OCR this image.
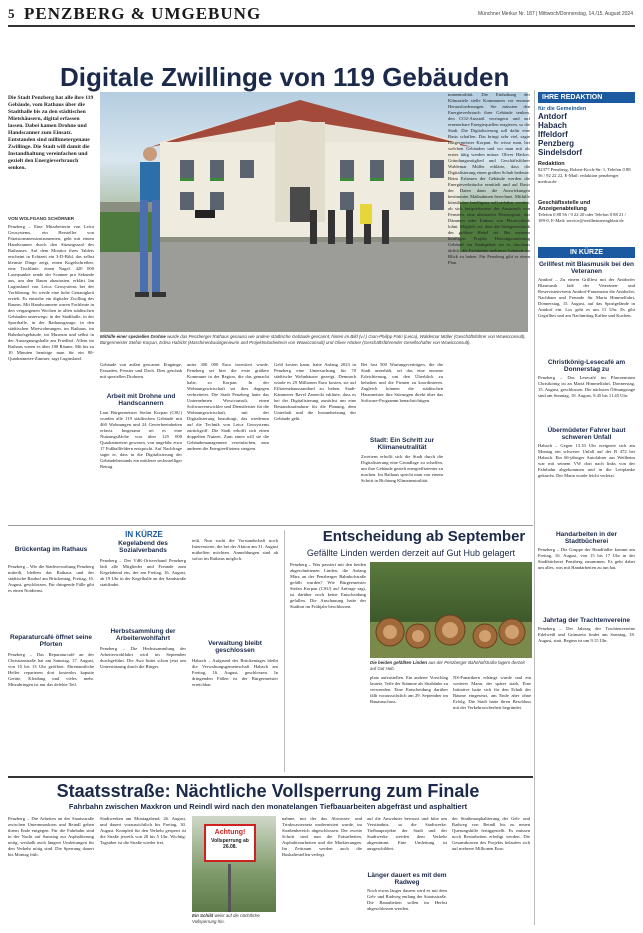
5 PENZBERG & UMGEBUNG	Münchner Merkur Nr. 187 | Mittwoch/Donnerstag, 14./15. August 2024
Digitale Zwillinge von 119 Gebäuden
Die Stadt Penzberg hat alle ihre 119 Gebäude, vom Rathaus über die Stadthalle bis zu den städtischen Mietshäusern, digital erfassen lassen. Dabei kamen Drohne und Handscanner zum Einsatz. Entstanden sind millimetergenaue Zwillinge. Die Stadt will damit die Instandhaltung vereinfachen und gezielt den Energieverbrauch senken.
VON WOLFGANG SCHÖRNER
Penzberg – Eine Mitarbeiterin von Leica Geosystems, ein Hersteller von Präzisionsmessinstrumenten, geht mit einem Handscanner durch den Sitzungssaal des Rathauses. Auf dem Monitor ihres Tablets erscheint in Echtzeit ein 3-D-Bild, das selbst kleinste Dinge zeigt, einen Kugelschreiber, eine Tischlinie, einen Nagel. 420 000 Laserpunkte sende der Scanner pro Sekunde aus, um den Raum abzutasten, erklärt Jan Luginsland von Leica Geosystems bei der Vorführung. So werde eine hohe Genauigkeit erzielt. Es entstehe ein digitaler Zwilling des Raums. Mit Handscannern waren Fachleute in den vergangenen Wochen in allen städtischen Gebäuden unterwegs: in der Stadthalle, in der Sporthalle, in der Rathausgarage, in den städtischen Mietwohnungen, im Rathaus, im Bahnhofsgebäude, im Museum und selbst in der Aussegnungshalle am Friedhof. Allein im Rathaus waren es über 180 Räume. Mit bis zu 10 Minuten benötige man für ein 80-Quadratmeter-Zimmer, sagt Luginsland.
Mithilfe einer speziellen Drohne wurde das Penzberger Rathaus genauso wie andere städtische Gebäude gescannt; hinten im Bild (v.l.) Gian-Philipp Patri (Leica), Waldemar Müller (Geschäftsführer von Wowicconsult), Bürgermeister Stefan Korpan, Edina Habicht (Maschinenbauingenieurin und Projektmitarbeiterin von Wowicconsult) und Oliver Häcker (Geschäftsführender Gesellschafter von Wowicconsult).
Gebäude von außen gescannt: Eingänge, Fassaden, Fenster und Dach. Dies geschah mit speziellen Drohnen.
Arbeit mit Drohne und Handscannern
Laut Bürgermeister Stefan Korpan (CSU) wurden alle 119 städtischen Gebäude mit 460 Wohnungen und 24 Gewerbeeinheiten erfasst. Insgesamt sei es eine Nutzungsfläche von über 125 000 Quadratmetern gewesen, von ungefähr etwa 17 Fußballfeldern entspricht. Auf Nachfrage sagte er, dass in die Digitalisierung der Gebäudebestands ein mittlerer sechsstelliger Betrag
unter 300 000 Euro investiert wurde. Penzberg sei hier die erste größere Kommune in der Region, die das gemacht habe, so Korpan. In der Wohnungswirtschaft sei dies dagegen verbreiteter. Die Stadt Penzberg hatte das Unternehmen Wowiconsult, einen Softwareentwickler und Dienstleister für die Wohnungswirtschaft, mit der Digitalisierung beauftragt, das wiederum auf die Technik von Leica Geosystems zurückgriff. Die Stadt erhofft sich einen doppelten Nutzen. Zum einen will sie die Gebäudemanagement vereinfachen, zum anderen die Energieeffizienz steigern.
Geld kosten kann, hatte Anfang 2023 in Penzberg eine Untersuchung für 70 städtische Wohnhäuser gezeigt. Demnach würde es 29 Millionen Euro kosten, sie auf Effizienzhausstandard zu heben. Stadt-Kämmerer Ravel Zarnecki erklärte, dass es bei der Digitalisierung zunächst um eine Bestandsaufnahme für die Planung, dem Unterhalt und die Instandsetzung der Gebäude geht.
Bei fast 500 Wartungsverträgen, die die Stadt unterhält, sei das eine enorme Erleichterung, um den Überblick zu behalten und die Firmen zu koordinieren. Zugleich können die städtischen Hausmeister ihre Störungen direkt über das Software-Programm benachrichtigen.
Stadt: Ein Schritt zur Klimaneutralität
Zweitens erhofft sich die Stadt durch die Digitalisierung eine Grundlage zu schaffen, um ihre Gebäude gezielt energieffizienter zu machen. Im Rathaus spricht man von einem Schritt in Richtung Klimaneutralität.
manentralität. Die Einhaltung der Klimaziele stelle Kommunen vor enorme Herausforderungen. Sie müssten den Energieverbrauch ihrer Gebäude senken, den CO2-Ausstoß verringern und auf erneuerbare Energiequellen reagieren, so die Stadt. Die Digitalisierung soll dafür eine Basis schaffen. Das bringt sehr viel, sagte Bürgermeister Korpan. So wisse man, bei welchen Gebäuden und wo man mit als erstes tätig werden müsse. Oliver Häcker, Gründungsmitglied und Geschäftsführer Waldemar Müller erklärte, dass die Digitalisierung einen großen Schub bedeute. Beim Erfassen der Gebäude werden die Energieverbräuche ermittelt und auf Basis der Daten dann die Auswirkungen bestimmter Maßnahmen berechnet. Mithilfe künstlicher Intelligenz soll sichtbar werden, ob sich beispielsweise der Austausch von Fenstern, eine alternative Heizungsart, das Dämmen oder Einbau von Photovoltaik lohnt. Möglich sei, dass die Anlagentechnik der größere Hebel sei. Bei meinem künftigen Projekt Heizungssanierung Gebäude im Stadtgebiet sei es durchaus üblich, die Fachkräfte mehrerer Gebäude im Blick zu haben. Für Penzberg gibt es einen Plan.
IHRE REDAKTION
für die Gemeinden
Antdorf
Habach
Iffeldorf
Penzberg
Sindelsdorf
Redaktion
82377 Penzberg, Robert-Koch-Str. 1, Telefon 0 88 56 / 92 22 22, E-Mail: redaktion penzberger merkur.de
Geschäftsstelle und Anzeigenabteilung
Telefon 0 88 56 / 9 22 20 oder Telefon 0 88 21 / 189-0, E-Mail: service@weilheimertagblatt.de
IN KÜRZE
Grillfest mit Blasmusik bei den Veteranen
Antdorf – Zu einem Grillfest mit der Antdorfer Blasmusik lädt der Veteranen- und Reservistenverein Antdorf-Frauenrain die Antdorfer, Nachbarn und Freunde für Maria Himmelfahrt, Donnerstag, 15. August, auf das Sportgelände in Antdorf ein. Los geht es um 11 Uhr. Es gibt Gegrilltes und am Nachmittag Kaffee und Kuchen.
Christkönig-Lesecafé am Donnerstag zu
Penzberg – Das Lesecafé im Pfarrzentrum Christkönig ist an Mariä Himmelfahrt, Donnerstag, 15. August, geschlossen. Die nächsten Öffnungstage sind am Sonntag, 18. August, 9.45 bis 11.45 Uhr.
Übermüdeter Fahrer baut schweren Unfall
Habach – Gegen 13.10 Uhr ereignete sich am Montag ein schwerer Unfall auf der B 472 bei Habach. Ein 66-jähriger Autofahrer aus Weilheim war mit seinem VW dort nach links von der Fahrbahn abgekommen und in die Leitplanke gekracht. Der Mann wurde leicht verletzt.
Handarbeiten in der Stadtbücherei
Penzberg – Die Gruppe der Handfädler kommt am Freitag, 16. August, von 15 bis 17 Uhr in der Stadtbücherei Penzberg zusammen. Es geht dabei um alles, was mit Handarbeiten zu tun hat.
Jahrtag der Trachtenvereine
Penzberg – Der Jahrtag der Trachtenvereine Edelweiß und Grünstein findet am Sonntag, 18. August, statt. Beginn ist um 9.15 Uhr.
IN KÜRZE
Brückentag im Rathaus
Penzberg – Wie die Stadtverwaltung Penzberg mitteilt, bleiben das Rathaus und der städtische Bauhof am Brückentag, Freitag, 16. August, geschlossen. Für dringende Fälle gibt es einen Notdienst.
Reparaturcafé öffnet seine Pforten
Penzberg – Das Reparaturcafé an der Christianstraße hat am Samstag, 17. August, von 10 bis 13 Uhr geöffnet. Ehrenamtliche Helfer reparieren dort kostenlos kaputte Geräte, Kleidung und vieles mehr. Mitzubringen ist nur das defekte Teil.
Kegelabend des Sozialverbands
Penzberg – Der VdK-Ortsverband Penzberg lädt alle Mitglieder und Freunde zum Kegelabend ein, der am Freitag, 16. August, ab 19 Uhr in der Kegelhalle an der Sandstraße stattfindet.
Herbstsammlung der Arbeiterwohlfahrt
Penzberg – Die Herbstsammlung der Arbeiterwohlfahrt wird im September durchgeführt. Die Awo bittet schon jetzt um Unterstützung durch die Bürger.
teilt. Nun sucht die Vorstandschaft noch Interessierte, die bei der Aktion am 31. August mithelfen möchten. Anmeldungen sind ab sofort im Rathaus möglich.
Verwaltung bleibt geschlossen
Habach – Aufgrund des Brückentages bleibt die Verwaltungsgemeinschaft Habach am Freitag, 16. August, geschlossen. In dringenden Fällen ist der Bürgermeister erreichbar.
Entscheidung ab September
Gefällte Linden werden derzeit auf Gut Hub gelagert
Penzberg – Was passiert mit den beiden abgeschnittenen Linden, die Anfang März an der Penzberger Bahnhofstraße gefällt wurden? Wie Bürgermeister Stefan Korpan (CSU) auf Anfrage sagt, ist darüber noch keine Entscheidung gefallen. Die Anschauung hatte der Stadtrat im Frühjahr beschlossen.
Die beiden gefällten Linden aus der Penzberger Bahnhofstraße lagern derzeit auf Gut Hub.
platz aufzustellen. Ein anderer Vorschlag lautete, Teile der Stämme als Sitzbänke zu verwenden. Eine Entscheidung darüber fällt voraussichtlich am 29. September im Bauausschuss.
NS-Fanatikern erhängt wurde und ein weiterer Mann, der später starb. Eine Initiative hatte sich für den Erhalt der Bäume eingesetzt, am Ende aber ohne Erfolg. Die Stadt hatte ihren Beschluss mit der Verkehrssicherheit begründet.
Staatsstraße: Nächtliche Vollsperrung zum Finale
Fahrbahn zwischen Maxkron und Reindl wird nach den monatelangen Tiefbauarbeiten abgefräst und asphaltiert
Penzberg – Die Arbeiten an der Staatsstraße zwischen Unternmaxkron und Reindl gehen ihrem Ende entgegen. Für die Fahrbahn sind in der Nacht auf Samstag zur Asphaltierung nötig, weshalb auch längere Umleitungen für den Verkehr nötig sind. Die Sperrung dauert bis Montag früh.
Stadtwerken am Montagabend, 26. August, und dauert voraussichtlich bis Freitag, 30. August. Komplett für den Verkehr gesperrt ist die Straße jeweils von 20 bis 5 Uhr. Wichtig: Tagsüber ist die Straße wieder frei.
Achtung!
Vollsperrung ab 26.08.
Ein Schild weist auf die nächtliche Vollsperrung hin.
nahme, mit der das Abwasser- und Trinkwassernetz modernisiert wurde, im Straßenbereich abgeschlossen. Der zweite Schritt sind nun die Fräsarbeiten, Asphaltierarbeiten und die Markierungen. Im Zeitraum werden auch die Bushaltestellen verlegt.
auf die Anwohner bewusst und bitte um Verständnis, so die Stadtwerke. Tiefbauprojekte der Stadt und der Stadtwerke werden dem Verkehr abgestimmt. Eine Umleitung ist ausgeschildert.
Länger dauert es mit dem Radweg
Noch etwas länger dauern wird es mit dem Geh- und Radweg entlang der Staatsstraße. Die Bauarbeiten sollen im Herbst abgeschlossen werden.
der Straßenasphaltierung der Geh- und Radweg von Reindl bis zu neuen Querungshilfe fertiggestellt. Es müssen noch Restarbeiten erledigt werden. Die Gesamtkosten des Projekts belaufen sich auf mehrere Millionen Euro.
